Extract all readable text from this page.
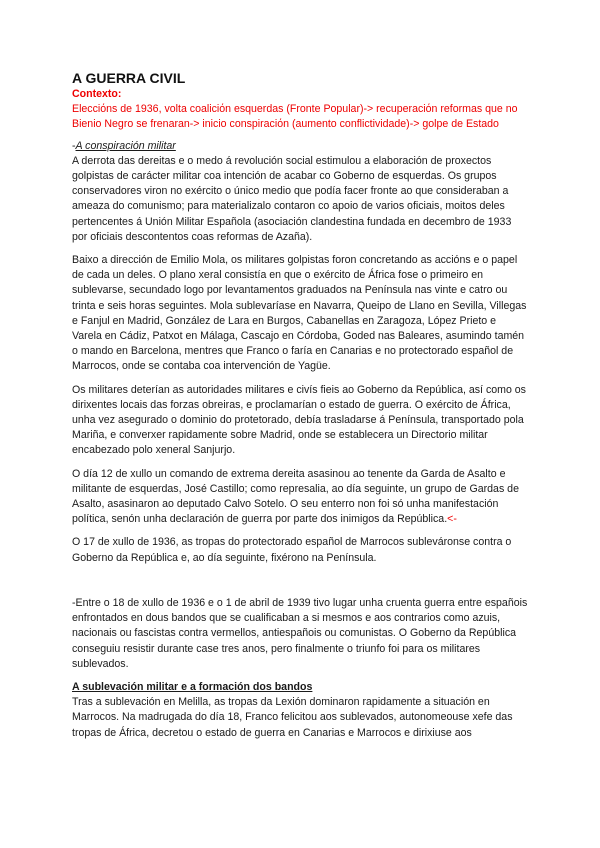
A GUERRA CIVIL
Contexto:
Elecciόns de 1936, volta coaliciόn esquerdas (Fronte Popular)-> recuperaciόn reformas que no Bienio Negro se frenaran-> inicio conspiraciόn (aumento conflictividade)-> golpe de Estado
-A conspiración militar

A derrota das dereitas e o medo á revolución social estimulou a elaboración de proxectos golpistas de carácter militar coa intención de acabar co Goberno de esquerdas. Os grupos conservadores viron no exército o único medio que podía facer fronte ao que consideraban a ameaza do comunismo; para materializalo contaron co apoio de varios oficiais, moitos deles pertencentes á Unión Militar Española (asociación clandestina fundada en decembro de 1933 por oficiais descontentos coas reformas de Azaña).

Baixo a dirección de Emilio Mola, os militares golpistas foron concretando as accións e o papel de cada un deles. O plano xeral consistía en que o exército de África fose o primeiro en sublevarse, secundado logo por levantamentos graduados na Península nas vinte e catro ou trinta e seis horas seguintes. Mola sublevaríase en Navarra, Queipo de Llano en Sevilla, Villegas e Fanjul en Madrid, González de Lara en Burgos, Cabanellas en Zaragoza, López Prieto e Varela en Cádiz, Patxot en Málaga, Cascajo en Córdoba, Goded nas Baleares, asumindo tamén o mando en Barcelona, mentres que Franco o faría en Canarias e no protectorado español de Marrocos, onde se contaba coa intervención de Yagüe.

Os militares deterían as autoridades militares e civís fieis ao Goberno da República, así como os dirixentes locais das forzas obreiras, e proclamarían o estado de guerra. O exército de África, unha vez asegurado o dominio do protetorado, debía trasladarse á Península, transportado pola Mariña, e converxer rapidamente sobre Madrid, onde se establecera un Directorio militar encabezado polo xeneral Sanjurjo.

O día 12 de xullo un comando de extrema dereita asasinou ao tenente da Garda de Asalto e militante de esquerdas, José Castillo; como represalia, ao día seguinte, un grupo de Gardas de Asalto, asasinaron ao deputado Calvo Sotelo. O seu enterro non foi só unha manifestación política, senón unha declaración de guerra por parte dos inimigos da República.<-

O 17 de xullo de 1936, as tropas do protectorado español de Marrocos subleváronse contra o Goberno da República e, ao día seguinte, fixérono na Península.

-Entre o 18 de xullo de 1936 e o 1 de abril de 1939 tivo lugar unha cruenta guerra entre españois enfrontados en dous bandos que se cualificaban a si mesmos e aos contrarios como azuis, nacionais ou fascistas contra vermellos, antiespañois ou comunistas. O Goberno da República conseguiu resistir durante case tres anos, pero finalmente o triunfo foi para os militares sublevados.

A sublevación militar e a formación dos bandos

Tras a sublevación en Melilla, as tropas da Lexión dominaron rapidamente a situación en Marrocos. Na madrugada do día 18, Franco felicitou aos sublevados, autonomeouse xefe das tropas de África, decretou o estado de guerra en Canarias e Marrocos e dirixiuse aos
